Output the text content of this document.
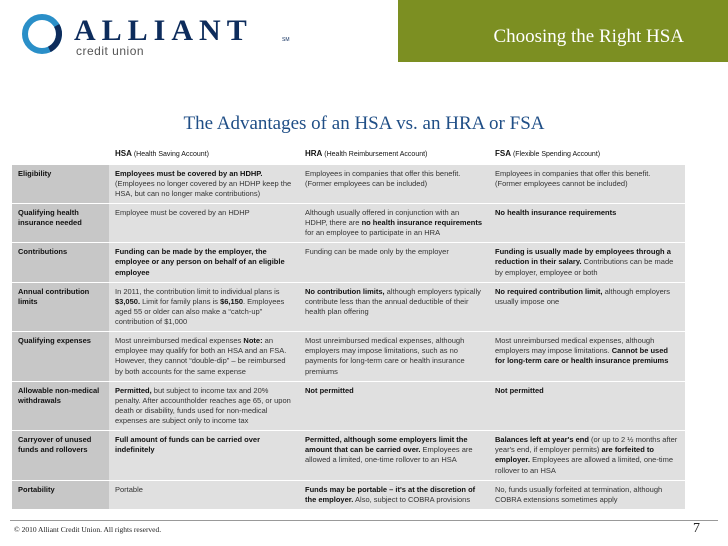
Choosing the Right HSA
ALLIANT	SM
credit union
The Advantages of an HSA vs. an HRA or FSA
	HSA (Health Saving Account)	HRA (Health Reimbursement Account)	FSA (Flexible Spending Account)
Eligibility	Employees must be covered by an HDHP. (Employees no longer covered by an HDHP keep the HSA, but can no longer make contributions)	Employees in companies that offer this benefit. (Former employees can be included)	Employees in companies that offer this benefit. (Former employees cannot be included)
Qualifying health insurance needed	Employee must be covered by an HDHP	Although usually offered in conjunction with an HDHP, there are no health insurance requirements for an employee to participate in an HRA	No health insurance requirements
Contributions	Funding can be made by the employer, the employee or any person on behalf of an eligible employee	Funding can be made only by the employer	Funding is usually made by employees through a reduction in their salary. Contributions can be made by employer, employee or both
Annual contribution limits	In 2011, the contribution limit to individual plans is $3,050. Limit for family plans is $6,150. Employees aged 55 or older can also make a “catch-up” contribution of $1,000	No contribution limits, although employers typically contribute less than the annual deductible of their health plan offering	No required contribution limit, although employers usually impose one
Qualifying expenses	Most unreimbursed medical expenses Note: an employee may qualify for both an HSA and an FSA. However, they cannot “double-dip” – be reimbursed by both accounts for the same expense	Most unreimbursed medical expenses, although employers may impose limitations, such as no payments for long-term care or health insurance premiums	Most unreimbursed medical expenses, although employers may impose limitations. Cannot be used for long-term care or health insurance premiums
Allowable non-medical withdrawals	Permitted, but subject to income tax and 20% penalty. After accountholder reaches age 65, or upon death or disability, funds used for non-medical expenses are subject only to income tax	Not permitted	Not permitted
Carryover of unused funds and rollovers	Full amount of funds can be carried over indefinitely	Permitted, although some employers limit the amount that can be carried over. Employees are allowed a limited, one-time rollover to an HSA	Balances left at year's end (or up to 2 ½ months after year's end, if employer permits) are forfeited to employer. Employees are allowed a limited, one-time rollover to an HSA
Portability	Portable	Funds may be portable – it's at the discretion of the employer. Also, subject to COBRA provisions	No, funds usually forfeited at termination, although COBRA extensions sometimes apply
© 2010 Alliant Credit Union. All rights reserved.	7
